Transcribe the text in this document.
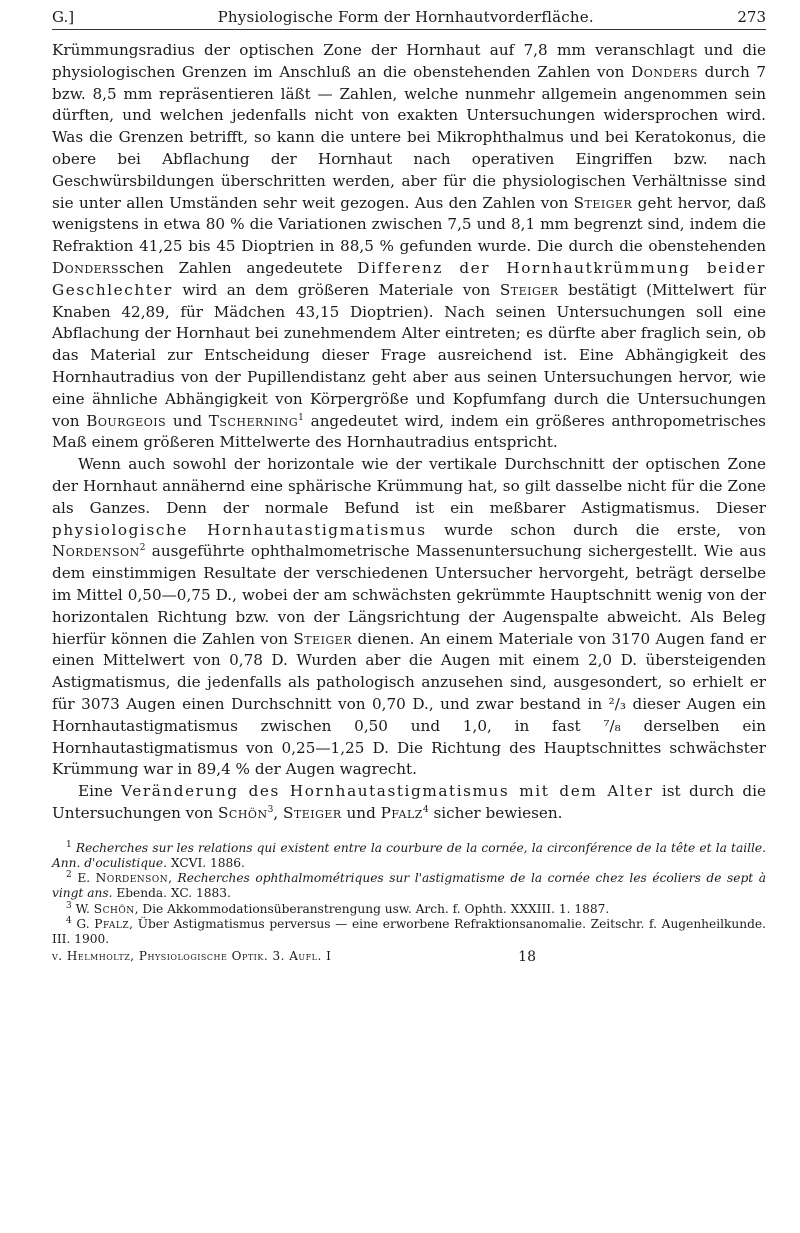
G.]	Physiologische Form der Hornhautvorderfläche.	273

Krümmungsradius der optischen Zone der Hornhaut auf 7,8 mm veranschlagt und die physiologischen Grenzen im Anschluß an die obenstehenden Zahlen von Donders durch 7 bzw. 8,5 mm repräsentieren läßt — Zahlen, welche nunmehr allgemein angenommen sein dürften, und welchen jedenfalls nicht von exakten Untersuchungen widersprochen wird. Was die Grenzen betrifft, so kann die untere bei Mikrophthalmus und bei Keratokonus, die obere bei Abflachung der Hornhaut nach operativen Eingriffen bzw. nach Geschwürsbildungen überschritten werden, aber für die physiologischen Verhältnisse sind sie unter allen Umständen sehr weit gezogen. Aus den Zahlen von Steiger geht hervor, daß wenigstens in etwa 80 % die Variationen zwischen 7,5 und 8,1 mm begrenzt sind, indem die Refraktion 41,25 bis 45 Dioptrien in 88,5 % gefunden wurde. Die durch die obenstehenden Dondersschen Zahlen angedeutete Differenz der Hornhautkrümmung beider Geschlechter wird an dem größeren Materiale von Steiger bestätigt (Mittelwert für Knaben 42,89, für Mädchen 43,15 Dioptrien). Nach seinen Untersuchungen soll eine Abflachung der Hornhaut bei zunehmendem Alter eintreten; es dürfte aber fraglich sein, ob das Material zur Entscheidung dieser Frage ausreichend ist. Eine Abhängigkeit des Hornhautradius von der Pupillendistanz geht aber aus seinen Untersuchungen hervor, wie eine ähnliche Abhängigkeit von Körpergröße und Kopfumfang durch die Untersuchungen von Bourgeois und Tscherning$^1$ angedeutet wird, indem ein größeres anthropometrisches Maß einem größeren Mittelwerte des Hornhautradius entspricht.

Wenn auch sowohl der horizontale wie der vertikale Durchschnitt der optischen Zone der Hornhaut annähernd eine sphärische Krümmung hat, so gilt dasselbe nicht für die Zone als Ganzes. Denn der normale Befund ist ein meßbarer Astigmatismus. Dieser physiologische Hornhautastigmatismus wurde schon durch die erste, von Nordenson$^2$ ausgeführte ophthalmometrische Massenuntersuchung sichergestellt. Wie aus dem einstimmigen Resultate der verschiedenen Untersucher hervorgeht, beträgt derselbe im Mittel 0,50—0,75 D., wobei der am schwächsten gekrümmte Hauptschnitt wenig von der horizontalen Richtung bzw. von der Längsrichtung der Augenspalte abweicht. Als Beleg hierfür können die Zahlen von Steiger dienen. An einem Materiale von 3170 Augen fand er einen Mittelwert von 0,78 D. Wurden aber die Augen mit einem 2,0 D. übersteigenden Astigmatismus, die jedenfalls als pathologisch anzusehen sind, ausgesondert, so erhielt er für 3073 Augen einen Durchschnitt von 0,70 D., und zwar bestand in ²/₃ dieser Augen ein Hornhautastigmatismus zwischen 0,50 und 1,0, in fast ⁷/₈ derselben ein Hornhautastigmatismus von 0,25—1,25 D. Die Richtung des Hauptschnittes schwächster Krümmung war in 89,4 % der Augen wagrecht.

Eine Veränderung des Hornhautastigmatismus mit dem Alter ist durch die Untersuchungen von Schön$^3$, Steiger und Pfalz$^4$ sicher bewiesen.

$^1$ Recherches sur les relations qui existent entre la courbure de la cornée, la circonférence de la tête et la taille. Ann. d'oculistique. XCVI. 1886.

$^2$ E. Nordenson, Recherches ophthalmométriques sur l'astigmatisme de la cornée chez les écoliers de sept à vingt ans. Ebenda. XC. 1883.

$^3$ W. Schön, Die Akkommodationsüberanstrengung usw. Arch. f. Ophth. XXXIII. 1. 1887.

$^4$ G. Pfalz, Über Astigmatismus perversus — eine erworbene Refraktionsanomalie. Zeitschr. f. Augenheilkunde. III. 1900.

v. Helmholtz, Physiologische Optik. 3. Aufl. I	18
